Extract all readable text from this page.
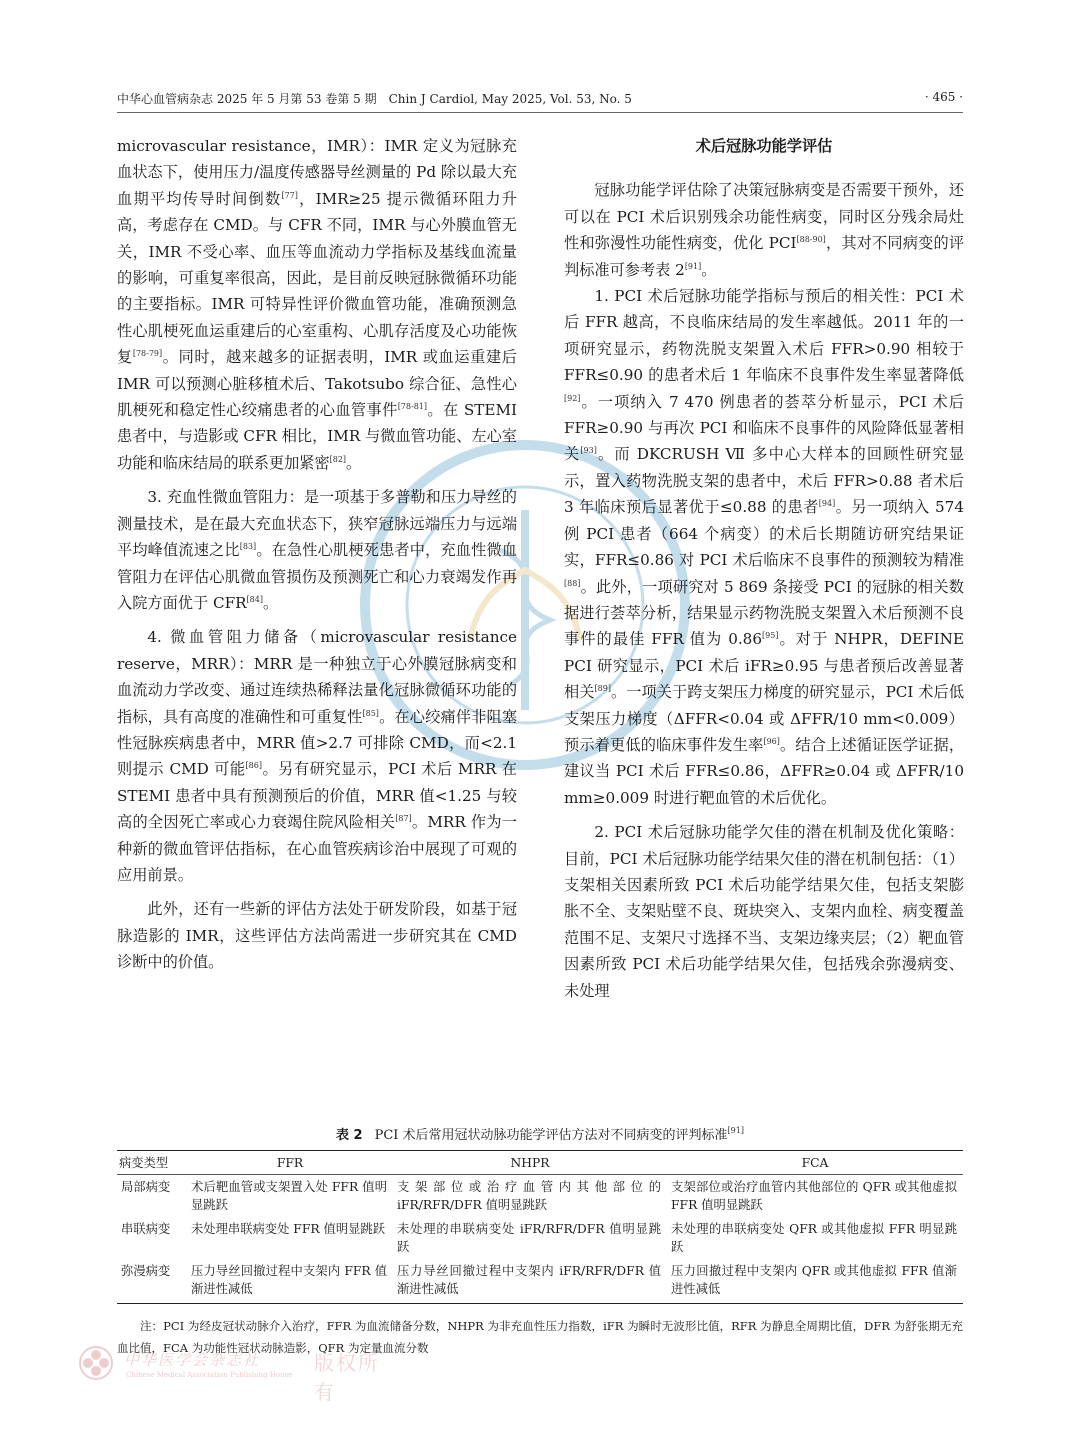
中华心血管病杂志 2025 年 5 月第 53 卷第 5 期　Chin J Cardiol, May 2025, Vol. 53, No. 5	· 465 ·

microvascular resistance，IMR）：IMR 定义为冠脉充血状态下，使用压力/温度传感器导丝测量的 Pd 除以最大充血期平均传导时间倒数[77]，IMR≥25 提示微循环阻力升高，考虑存在 CMD。与 CFR 不同，IMR 与心外膜血管无关，IMR 不受心率、血压等血流动力学指标及基线血流量的影响，可重复率很高，因此，是目前反映冠脉微循环功能的主要指标。IMR 可特异性评价微血管功能，准确预测急性心肌梗死血运重建后的心室重构、心肌存活度及心功能恢复[78-79]。同时，越来越多的证据表明，IMR 或血运重建后 IMR 可以预测心脏移植术后、Takotsubo 综合征、急性心肌梗死和稳定性心绞痛患者的心血管事件[78-81]。在 STEMI 患者中，与造影或 CFR 相比，IMR 与微血管功能、左心室功能和临床结局的联系更加紧密[82]。

3. 充血性微血管阻力：是一项基于多普勒和压力导丝的测量技术，是在最大充血状态下，狭窄冠脉远端压力与远端平均峰值流速之比[83]。在急性心肌梗死患者中，充血性微血管阻力在评估心肌微血管损伤及预测死亡和心力衰竭发作再入院方面优于 CFR[84]。

4. 微血管阻力储备（microvascular resistance reserve，MRR）：MRR 是一种独立于心外膜冠脉病变和血流动力学改变、通过连续热稀释法量化冠脉微循环功能的指标，具有高度的准确性和可重复性[85]。在心绞痛伴非阻塞性冠脉疾病患者中，MRR 值>2.7 可排除 CMD，而<2.1 则提示 CMD 可能[86]。另有研究显示，PCI 术后 MRR 在 STEMI 患者中具有预测预后的价值，MRR 值<1.25 与较高的全因死亡率或心力衰竭住院风险相关[87]。MRR 作为一种新的微血管评估指标，在心血管疾病诊治中展现了可观的应用前景。

此外，还有一些新的评估方法处于研发阶段，如基于冠脉造影的 IMR，这些评估方法尚需进一步研究其在 CMD 诊断中的价值。

术后冠脉功能学评估

冠脉功能学评估除了决策冠脉病变是否需要干预外，还可以在 PCI 术后识别残余功能性病变，同时区分残余局灶性和弥漫性功能性病变，优化 PCI[88-90]，其对不同病变的评判标准可参考表 2[91]。

1. PCI 术后冠脉功能学指标与预后的相关性：PCI 术后 FFR 越高，不良临床结局的发生率越低。2011 年的一项研究显示，药物洗脱支架置入术后 FFR>0.90 相较于 FFR≤0.90 的患者术后 1 年临床不良事件发生率显著降低[92]。一项纳入 7 470 例患者的荟萃分析显示，PCI 术后 FFR≥0.90 与再次 PCI 和临床不良事件的风险降低显著相关[93]。而 DKCRUSH Ⅶ 多中心大样本的回顾性研究显示，置入药物洗脱支架的患者中，术后 FFR>0.88 者术后 3 年临床预后显著优于≤0.88 的患者[94]。另一项纳入 574 例 PCI 患者（664 个病变）的术后长期随访研究结果证实，FFR≤0.86 对 PCI 术后临床不良事件的预测较为精准[88]。此外，一项研究对 5 869 条接受 PCI 的冠脉的相关数据进行荟萃分析，结果显示药物洗脱支架置入术后预测不良事件的最佳 FFR 值为 0.86[95]。对于 NHPR，DEFINE PCI 研究显示，PCI 术后 iFR≥0.95 与患者预后改善显著相关[89]。一项关于跨支架压力梯度的研究显示，PCI 术后低支架压力梯度（ΔFFR<0.04 或 ΔFFR/10 mm<0.009）预示着更低的临床事件发生率[96]。结合上述循证医学证据，建议当 PCI 术后 FFR≤0.86，ΔFFR≥0.04 或 ΔFFR/10 mm≥0.009 时进行靶血管的术后优化。

2. PCI 术后冠脉功能学欠佳的潜在机制及优化策略：目前，PCI 术后冠脉功能学结果欠佳的潜在机制包括：（1）支架相关因素所致 PCI 术后功能学结果欠佳，包括支架膨胀不全、支架贴壁不良、斑块突入、支架内血栓、病变覆盖范围不足、支架尺寸选择不当、支架边缘夹层；（2）靶血管因素所致 PCI 术后功能学结果欠佳，包括残余弥漫病变、未处理

表 2 PCI 术后常用冠状动脉功能学评估方法对不同病变的评判标准[91]
病变类型	FFR	NHPR	FCA
局部病变	术后靶血管或支架置入处 FFR 值明显跳跃	支架部位或治疗血管内其他部位的 iFR/RFR/DFR 值明显跳跃	支架部位或治疗血管内其他部位的 QFR 或其他虚拟 FFR 值明显跳跃
串联病变	未处理串联病变处 FFR 值明显跳跃	未处理的串联病变处 iFR/RFR/DFR 值明显跳跃	未处理的串联病变处 QFR 或其他虚拟 FFR 明显跳跃
弥漫病变	压力导丝回撤过程中支架内 FFR 值渐进性减低	压力导丝回撤过程中支架内 iFR/RFR/DFR 值渐进性减低	压力回撤过程中支架内 QFR 或其他虚拟 FFR 值渐进性减低
注：PCI 为经皮冠状动脉介入治疗，FFR 为血流储备分数，NHPR 为非充血性压力指数，iFR 为瞬时无波形比值，RFR 为静息全周期比值，DFR 为舒张期无充血比值，FCA 为功能性冠状动脉造影，QFR 为定量血流分数
中华医学会杂志社
Chinese Medical Association Publishing House 版权所有
